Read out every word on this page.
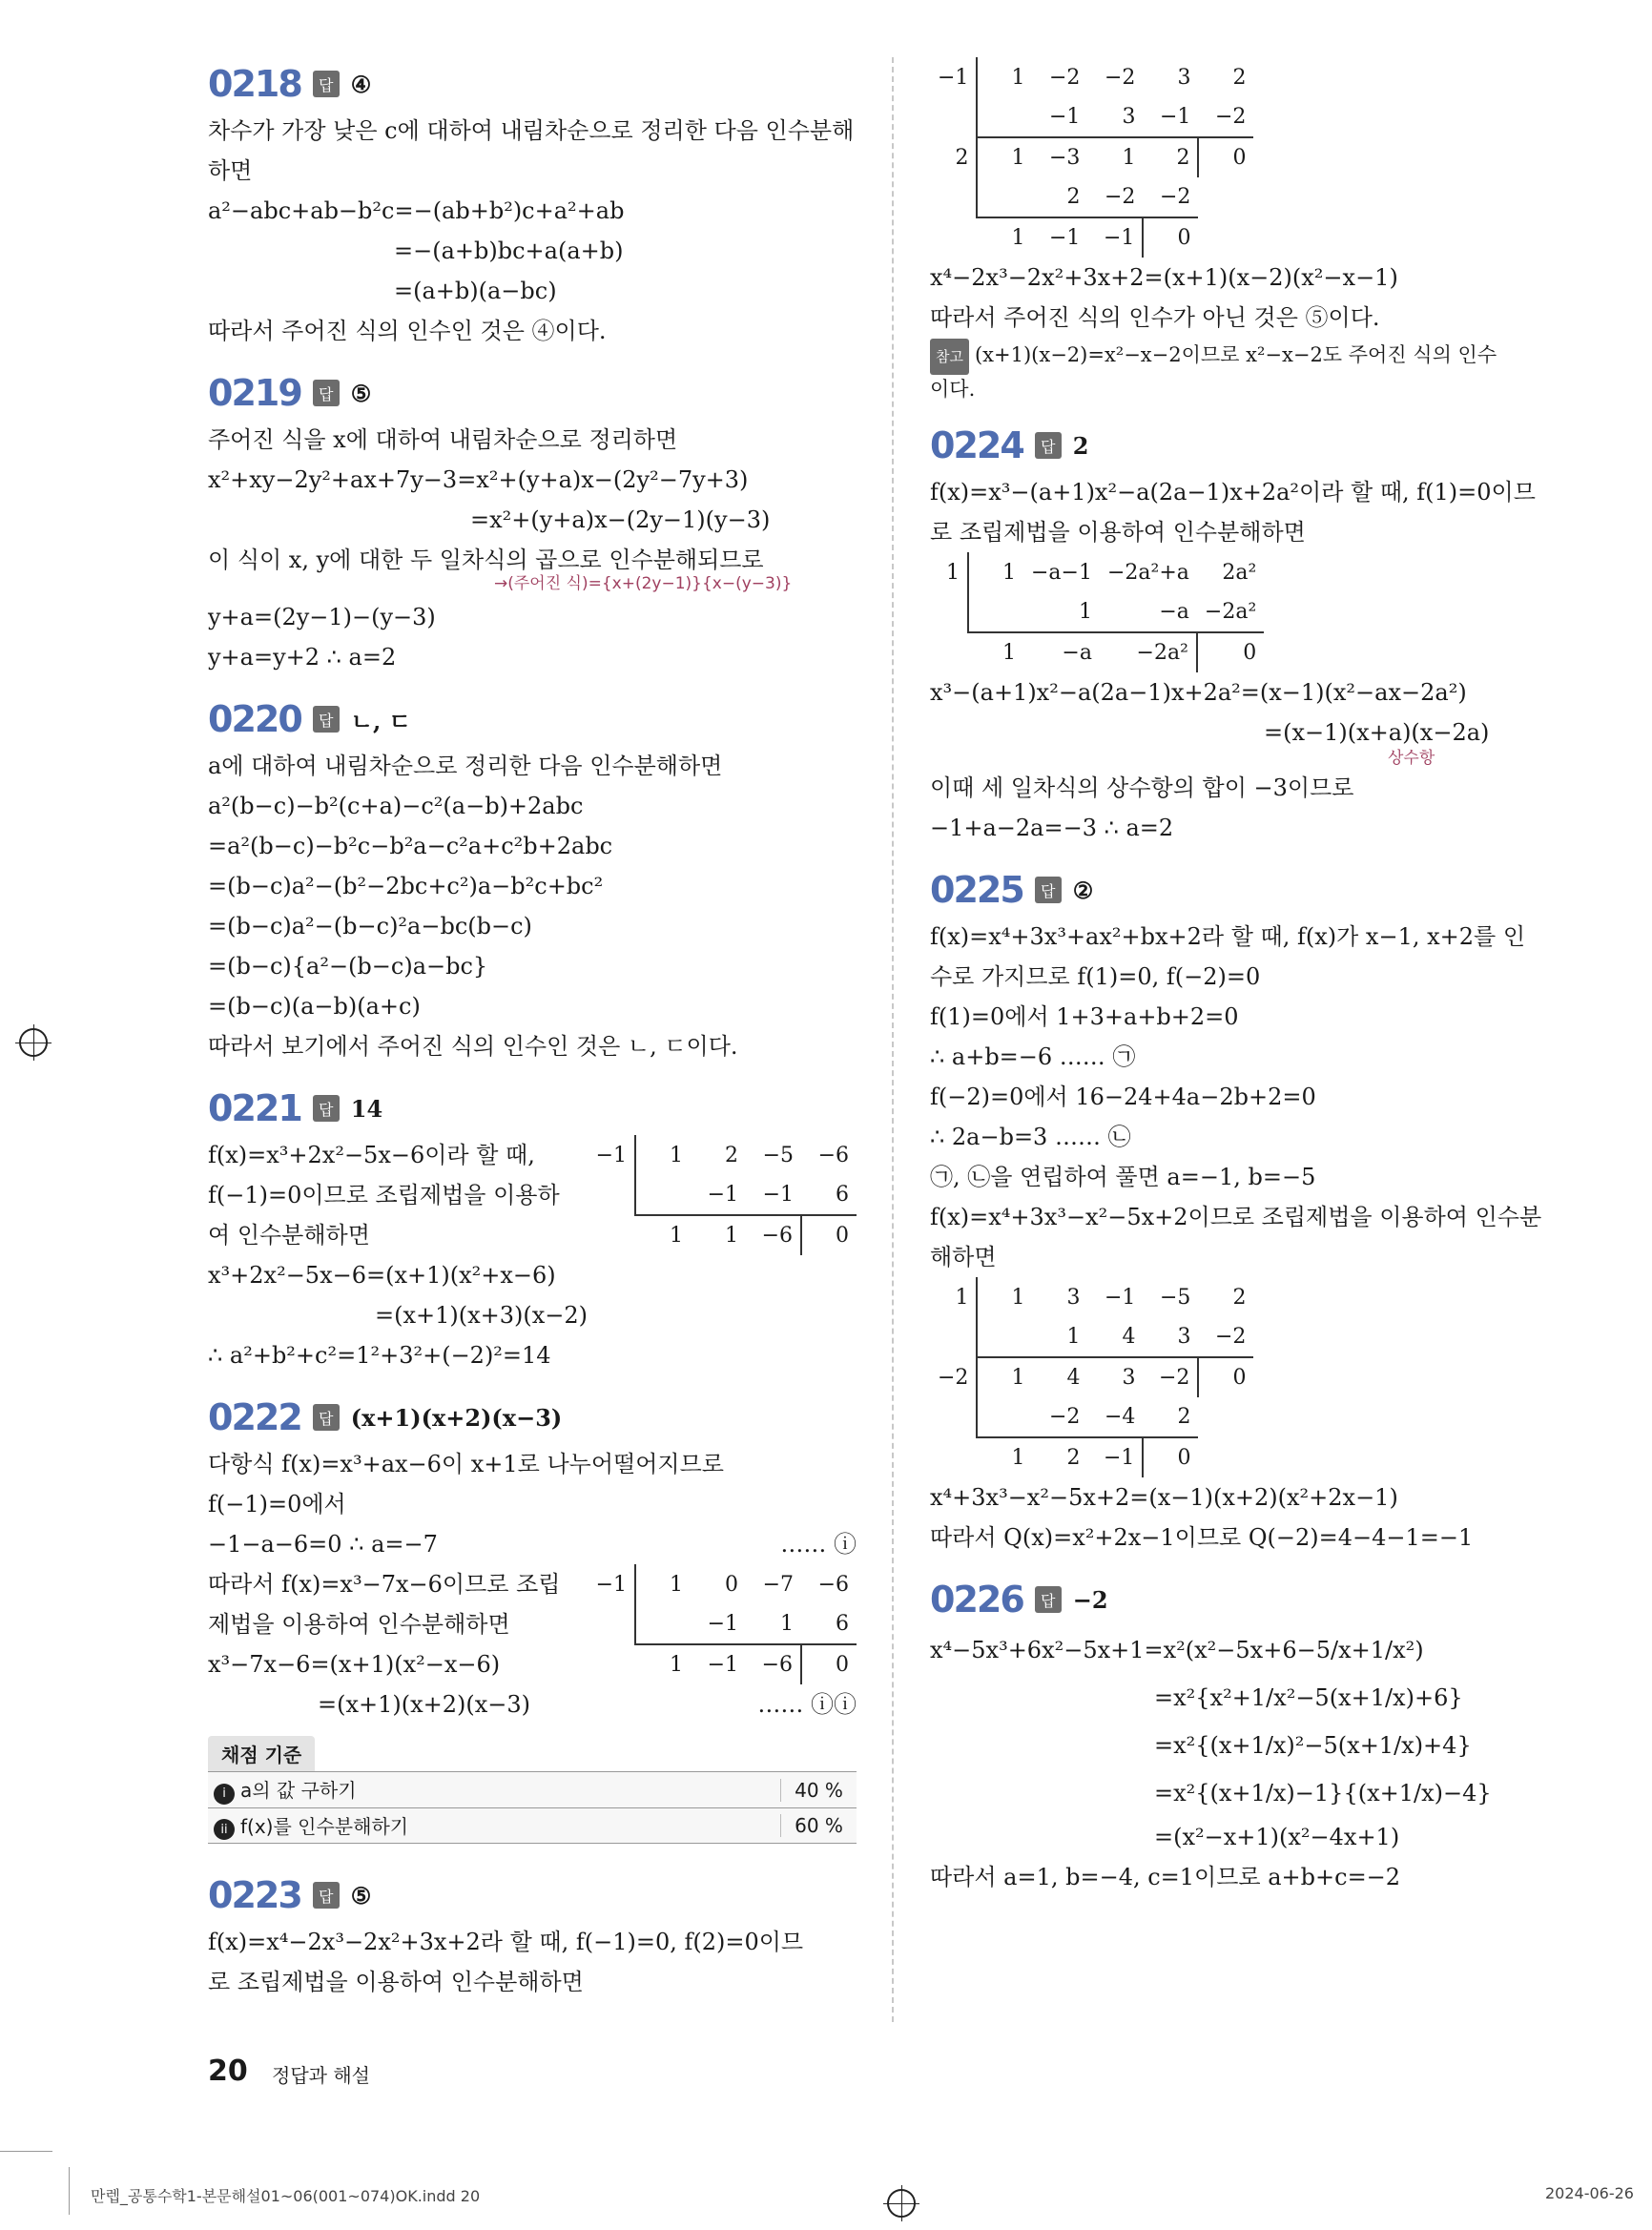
0218	답 ④
차수가 가장 낮은 c에 대하여 내림차순으로 정리한 다음 인수분해
하면
a²−abc+ab−b²c=−(ab+b²)c+a²+ab
=−(a+b)bc+a(a+b)
=(a+b)(a−bc)
따라서 주어진 식의 인수인 것은 ④이다.
0219	답 ⑤
주어진 식을 x에 대하여 내림차순으로 정리하면
x²+xy−2y²+ax+7y−3=x²+(y+a)x−(2y²−7y+3)
=x²+(y+a)x−(2y−1)(y−3)
이 식이 x, y에 대한 두 일차식의 곱으로 인수분해되므로
→(주어진 식)={x+(2y−1)}{x−(y−3)}
y+a=(2y−1)−(y−3)
y+a=y+2 ∴ a=2
0220	답 ㄴ, ㄷ
a에 대하여 내림차순으로 정리한 다음 인수분해하면
a²(b−c)−b²(c+a)−c²(a−b)+2abc
=a²(b−c)−b²c−b²a−c²a+c²b+2abc
=(b−c)a²−(b²−2bc+c²)a−b²c+bc²
=(b−c)a²−(b−c)²a−bc(b−c)
=(b−c){a²−(b−c)a−bc}
=(b−c)(a−b)(a+c)
따라서 보기에서 주어진 식의 인수인 것은 ㄴ, ㄷ이다.
0221	답 14
f(x)=x³+2x²−5x−6이라 할 때,
f(−1)=0이므로 조립제법을 이용하
여 인수분해하면
−1	1	2	−5	−6
		−1	−1	6
	1	1	−6	0
x³+2x²−5x−6=(x+1)(x²+x−6)
=(x+1)(x+3)(x−2)
∴ a²+b²+c²=1²+3²+(−2)²=14
0222	답 (x+1)(x+2)(x−3)
다항식 f(x)=x³+ax−6이 x+1로 나누어떨어지므로
f(−1)=0에서
−1−a−6=0 ∴ a=−7	…… ⓘ
따라서 f(x)=x³−7x−6이므로 조립
제법을 이용하여 인수분해하면
x³−7x−6=(x+1)(x²−x−6)
−1	1	0	−7	−6
		−1	1	6
	1	−1	−6	0
=(x+1)(x+2)(x−3)	…… ⓘⓘ
채점 기준
i a의 값 구하기	40 %
ii f(x)를 인수분해하기	60 %
0223	답 ⑤
f(x)=x⁴−2x³−2x²+3x+2라 할 때, f(−1)=0, f(2)=0이므
로 조립제법을 이용하여 인수분해하면
−1	1	−2	−2	3	2
		−1	3	−1	−2
2	1	−3	1	2	0
		2	−2	−2	
	1	−1	−1	0	
x⁴−2x³−2x²+3x+2=(x+1)(x−2)(x²−x−1)
따라서 주어진 식의 인수가 아닌 것은 ⑤이다.
참고 (x+1)(x−2)=x²−x−2이므로 x²−x−2도 주어진 식의 인수
이다.
0224	답 2
f(x)=x³−(a+1)x²−a(2a−1)x+2a²이라 할 때, f(1)=0이므
로 조립제법을 이용하여 인수분해하면
1	1	−a−1	−2a²+a	2a²
		1	−a	−2a²
	1	−a	−2a²	0
x³−(a+1)x²−a(2a−1)x+2a²=(x−1)(x²−ax−2a²)
=(x−1)(x+a)(x−2a)
상수항
이때 세 일차식의 상수항의 합이 −3이므로
−1+a−2a=−3 ∴ a=2
0225	답 ②
f(x)=x⁴+3x³+ax²+bx+2라 할 때, f(x)가 x−1, x+2를 인
수로 가지므로 f(1)=0, f(−2)=0
f(1)=0에서 1+3+a+b+2=0
∴ a+b=−6 …… ㉠
f(−2)=0에서 16−24+4a−2b+2=0
∴ 2a−b=3 …… ㉡
㉠, ㉡을 연립하여 풀면 a=−1, b=−5
f(x)=x⁴+3x³−x²−5x+2이므로 조립제법을 이용하여 인수분
해하면
1	1	3	−1	−5	2
		1	4	3	−2
−2	1	4	3	−2	0
		−2	−4	2	
	1	2	−1	0	
x⁴+3x³−x²−5x+2=(x−1)(x+2)(x²+2x−1)
따라서 Q(x)=x²+2x−1이므로 Q(−2)=4−4−1=−1
0226	답 −2
x⁴−5x³+6x²−5x+1=x²(x²−5x+6−5/x+1/x²)
=x²{x²+1/x²−5(x+1/x)+6}
=x²{(x+1/x)²−5(x+1/x)+4}
=x²{(x+1/x)−1}{(x+1/x)−4}
=(x²−x+1)(x²−4x+1)
따라서 a=1, b=−4, c=1이므로 a+b+c=−2
20 정답과 해설
만렙_공통수학1-본문해설01~06(001~074)OK.indd 20	2024-06-26
